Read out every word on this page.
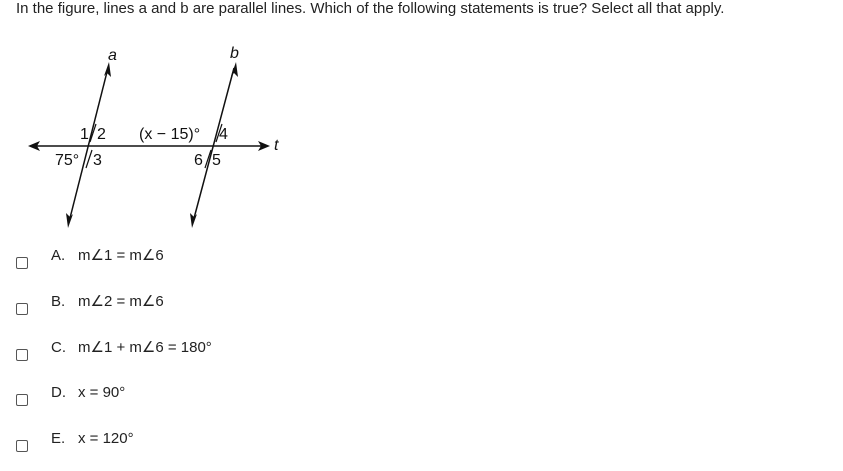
In the figure, lines a and b are parallel lines. Which of the following statements is true? Select all that apply.
a	b
t
1 2
75° 3
(x − 15)° 4
6 5
A. m∠1 = m∠6
B. m∠2 = m∠6
C. m∠1 + m∠6 = 180°
D. x = 90°
E. x = 120°
